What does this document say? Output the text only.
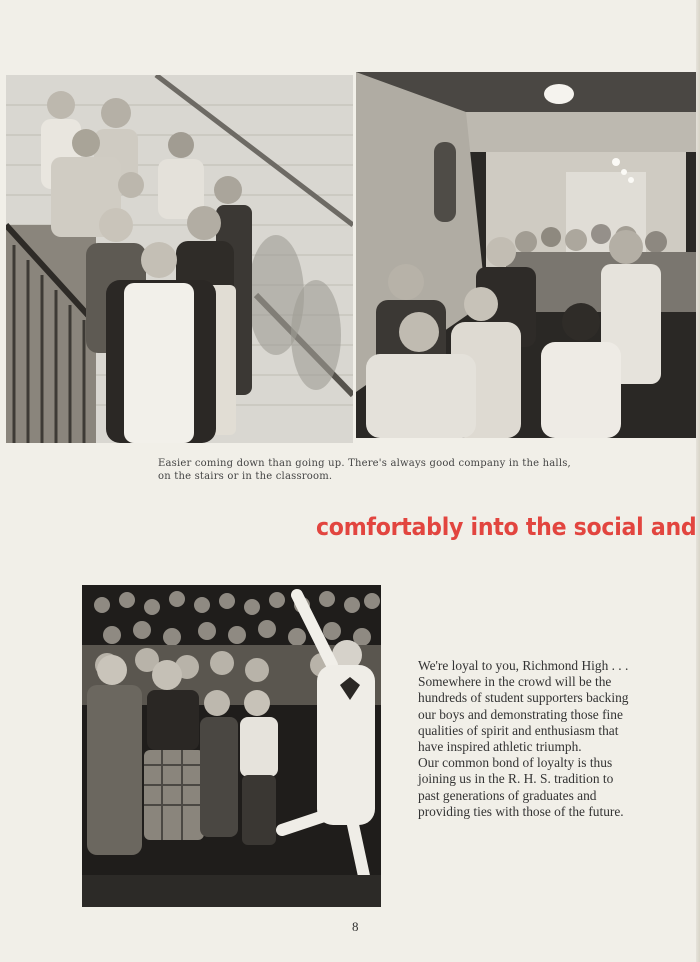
Easier coming down than going up. There's always good company in the halls,
on the stairs or in the classroom.
comfortably into the social and
We're loyal to you, Richmond High . . .
Somewhere in the crowd will be the
hundreds of student supporters backing
our boys and demonstrating those fine
qualities of spirit and enthusiasm that
have inspired athletic triumph.
Our common bond of loyalty is thus
joining us in the R. H. S. tradition to
past generations of graduates and
providing ties with those of the future.
8
